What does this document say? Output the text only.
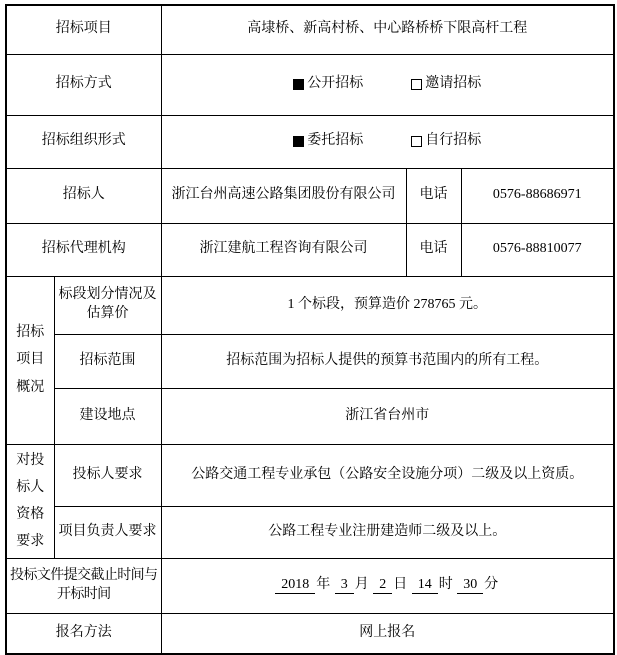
招标项目		高埭桥、新高村桥、中心路桥桥下限高杆工程		
招标方式		公开招标 邀请招标		

招标组织形式		委托招标 自行招标		

招标人		浙江台州高速公路集团股份有限公司	电话	0576-88686971
招标代理机构		浙江建航工程咨询有限公司	电话	0576-88810077

招标项目概况	标段划分情况及估算价	1 个标段，预算造价 278765 元。		
	招标范围	招标范围为招标人提供的预算书范围内的所有工程。		
	建设地点	浙江省台州市		

对投标人资格要求	投标人要求	公路交通工程专业承包（公路安全设施分项）二级及以上资质。		
	项目负责人要求	公路工程专业注册建造师二级及以上。		
投标文件提交截止时间与开标时间		2018 年 3 月 2 日 14 时 30 分		
报名方法		网上报名		
